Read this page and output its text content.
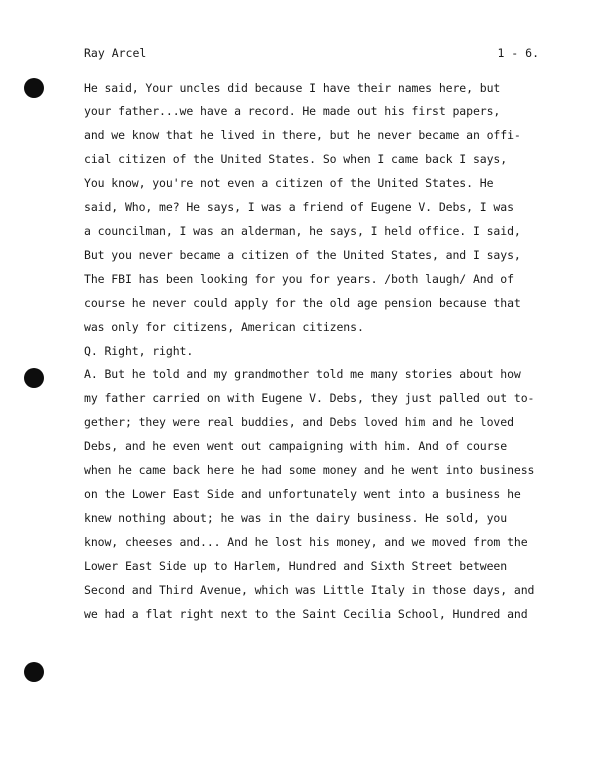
Ray Arcel	1 - 6.
He said, Your uncles did because I have their names here, but
your father...we have a record. He made out his first papers,
and we know that he lived in there, but he never became an offi-
cial citizen of the United States. So when I came back I says,
You know, you're not even a citizen of the United States. He
said, Who, me? He says, I was a friend of Eugene V. Debs, I was
a councilman, I was an alderman, he says, I held office. I said,
But you never became a citizen of the United States, and I says,
The FBI has been looking for you for years. /both laugh/ And of
course he never could apply for the old age pension because that
was only for citizens, American citizens.
Q. Right, right.
A. But he told and my grandmother told me many stories about how
my father carried on with Eugene V. Debs, they just palled out to-
gether; they were real buddies, and Debs loved him and he loved
Debs, and he even went out campaigning with him. And of course
when he came back here he had some money and he went into business
on the Lower East Side and unfortunately went into a business he
knew nothing about; he was in the dairy business. He sold, you
know, cheeses and... And he lost his money, and we moved from the
Lower East Side up to Harlem, Hundred and Sixth Street between
Second and Third Avenue, which was Little Italy in those days, and
we had a flat right next to the Saint Cecilia School, Hundred and
